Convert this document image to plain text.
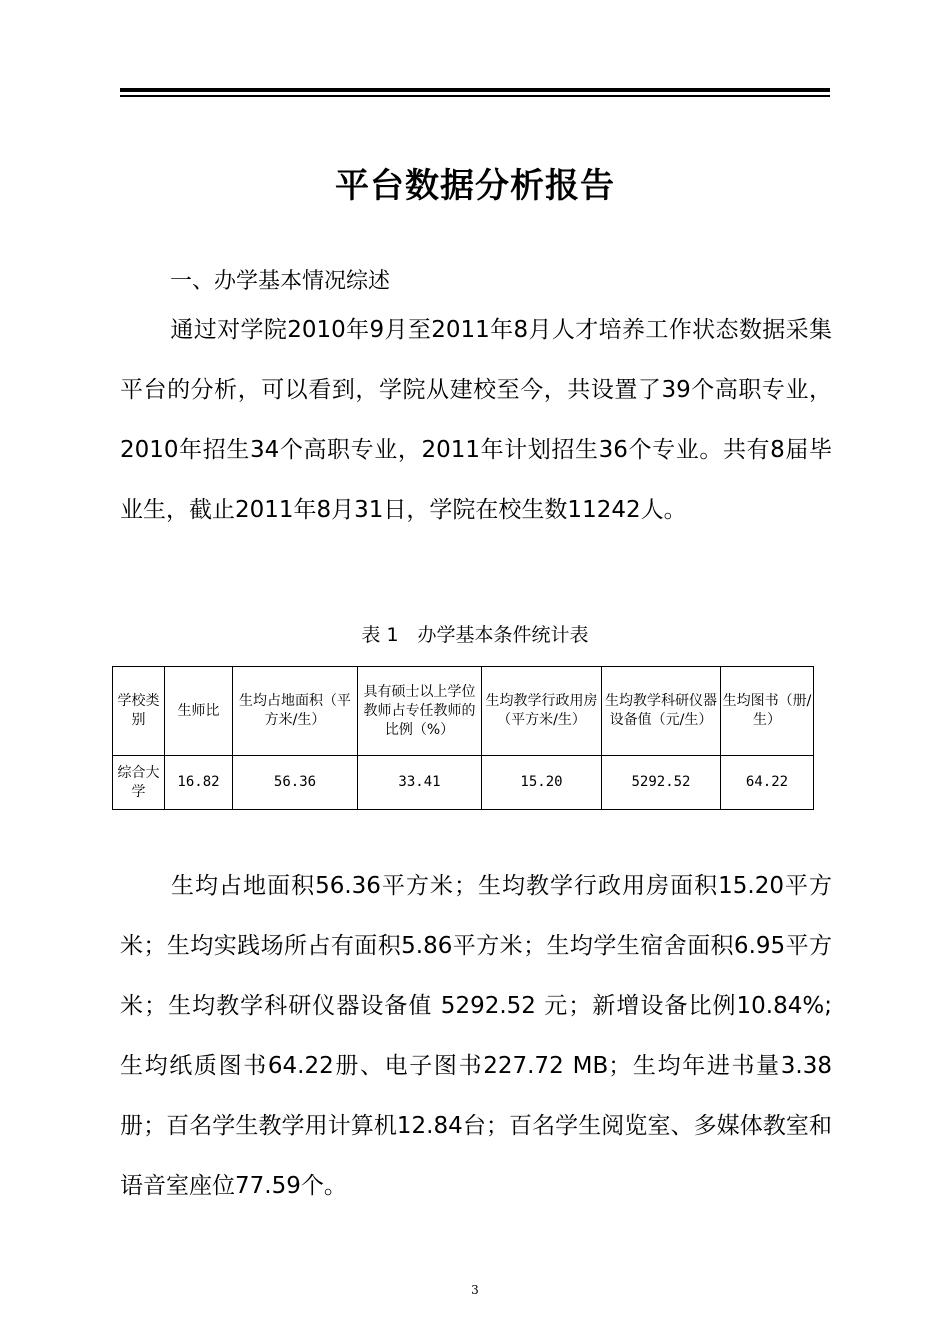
平台数据分析报告
一、办学基本情况综述

通过对学院2010年9月至2011年8月人才培养工作状态数据采集平台的分析，可以看到，学院从建校至今，共设置了39个高职专业，2010年招生34个高职专业，2011年计划招生36个专业。共有8届毕业生，截止2011年8月31日，学院在校生数11242人。

表 1　办学基本条件统计表
学校类别	生师比	生均占地面积（平方米/生）	具有硕士以上学位教师占专任教师的比例（%）	生均教学行政用房（平方米/生）	生均教学科研仪器设备值（元/生）	生均图书（册/生）
综合大学	16.82	56.36	33.41	15.20	5292.52	64.22

生均占地面积56.36平方米；生均教学行政用房面积15.20平方米；生均实践场所占有面积5.86平方米；生均学生宿舍面积6.95平方米；生均教学科研仪器设备值 5292.52 元；新增设备比例10.84%; 生均纸质图书64.22册、电子图书227.72 MB；生均年进书量3.38册；百名学生教学用计算机12.84台；百名学生阅览室、多媒体教室和语音室座位77.59个。

3
